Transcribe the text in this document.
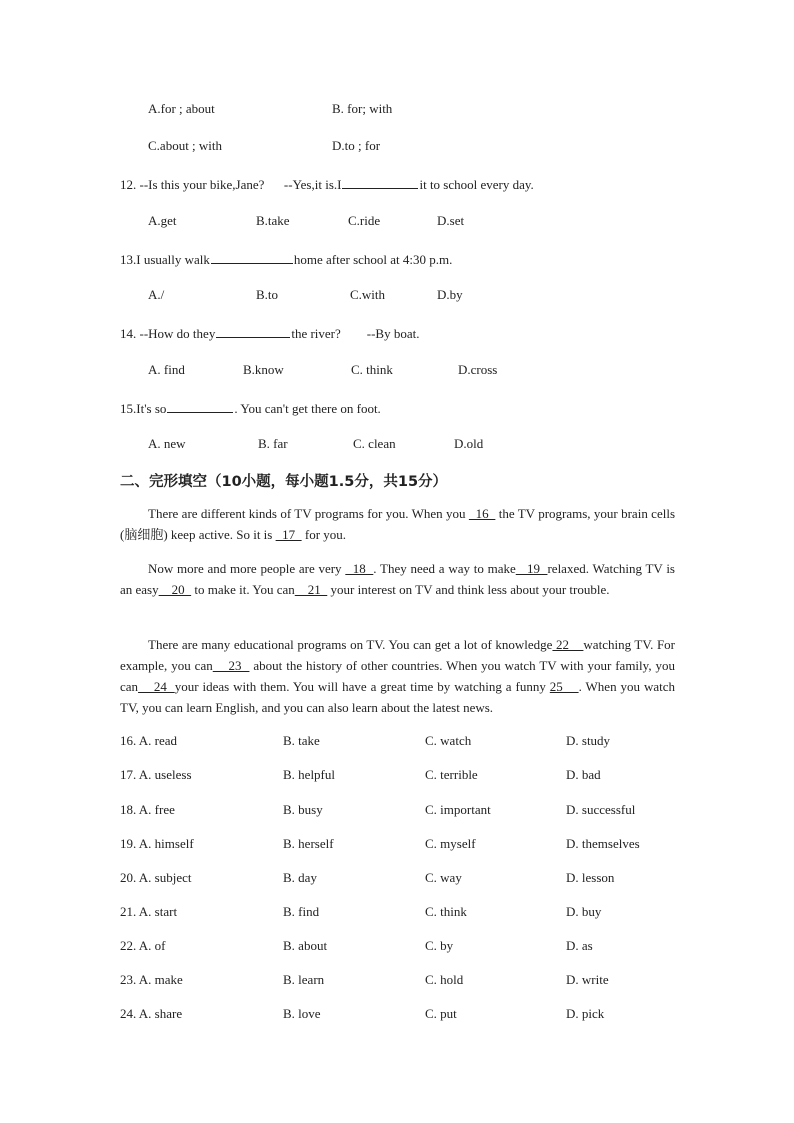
A.for ; about	B. for; with
C.about ; with	D.to ; for
12. --Is this your bike,Jane?      --Yes,it is.I	it to school every day.
A.get	B.take	C.ride	D.set
13.I usually walk	home after school at 4:30 p.m.
A./	B.to	C.with	D.by
14. --How do they	the river?        --By boat.
A. find	B.know	C. think	D.cross
15.It's so	. You can't get there on foot.
A. new	B. far	C. clean	D.old
二、完形填空（10小题，每小题1.5分，共15分）
There are different kinds of TV programs for you. When you   16   the TV programs, your brain cells (脑细胞) keep active. So it is   17   for you.
Now more and more people are very   18  . They need a way to make   19  relaxed. Watching TV is an easy    20   to make it. You can    21   your interest on TV and think less about your trouble.
There are many educational programs on TV. You can get a lot of knowledge 22    watching TV. For example, you can    23   about the history of other countries. When you watch TV with your family, you can    24  your ideas with them. You will have a great time by watching a funny 25    . When you watch TV, you can learn English, and you can also learn about the latest news.
16. A. read	B. take	C. watch	D. study
17. A. useless	B. helpful	C. terrible	D. bad
18. A. free	B. busy	C. important	D. successful
19. A. himself	B. herself	C. myself	D. themselves
20. A. subject	B. day	C. way	D. lesson
21. A. start	B. find	C. think	D. buy
22. A. of	B. about	C. by	D. as
23. A. make	B. learn	C. hold	D. write
24. A. share	B. love	C. put	D. pick
